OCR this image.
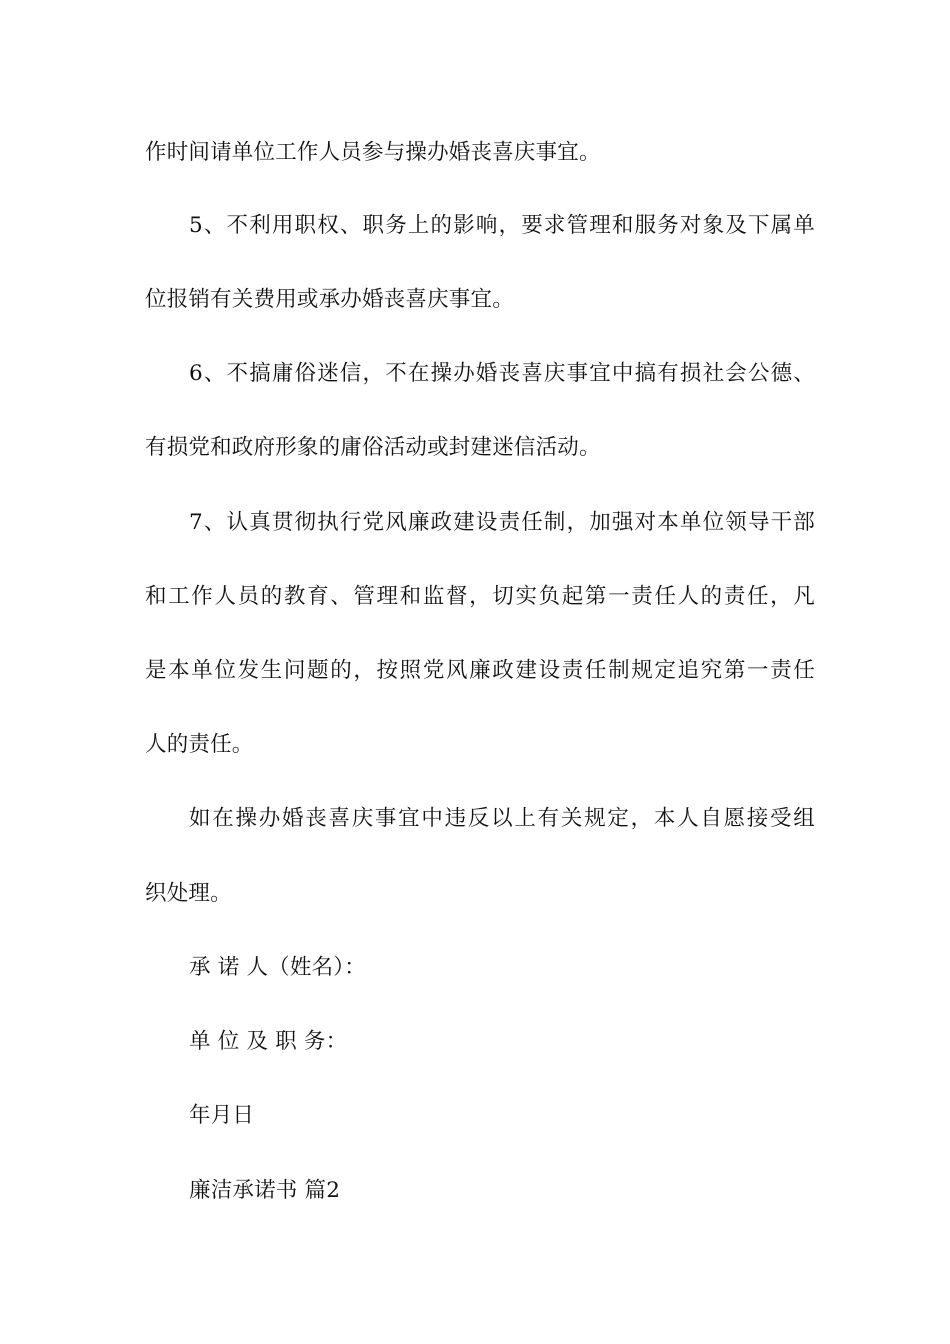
作时间请单位工作人员参与操办婚丧喜庆事宜。
5、不利用职权、职务上的影响，要求管理和服务对象及下属单
位报销有关费用或承办婚丧喜庆事宜。
6、不搞庸俗迷信，不在操办婚丧喜庆事宜中搞有损社会公德、
有损党和政府形象的庸俗活动或封建迷信活动。
7、认真贯彻执行党风廉政建设责任制，加强对本单位领导干部
和工作人员的教育、管理和监督，切实负起第一责任人的责任，凡
是本单位发生问题的，按照党风廉政建设责任制规定追究第一责任
人的责任。
如在操办婚丧喜庆事宜中违反以上有关规定，本人自愿接受组
织处理。
承 诺 人（姓名）：
单 位 及 职 务：
年月日
廉洁承诺书 篇2
